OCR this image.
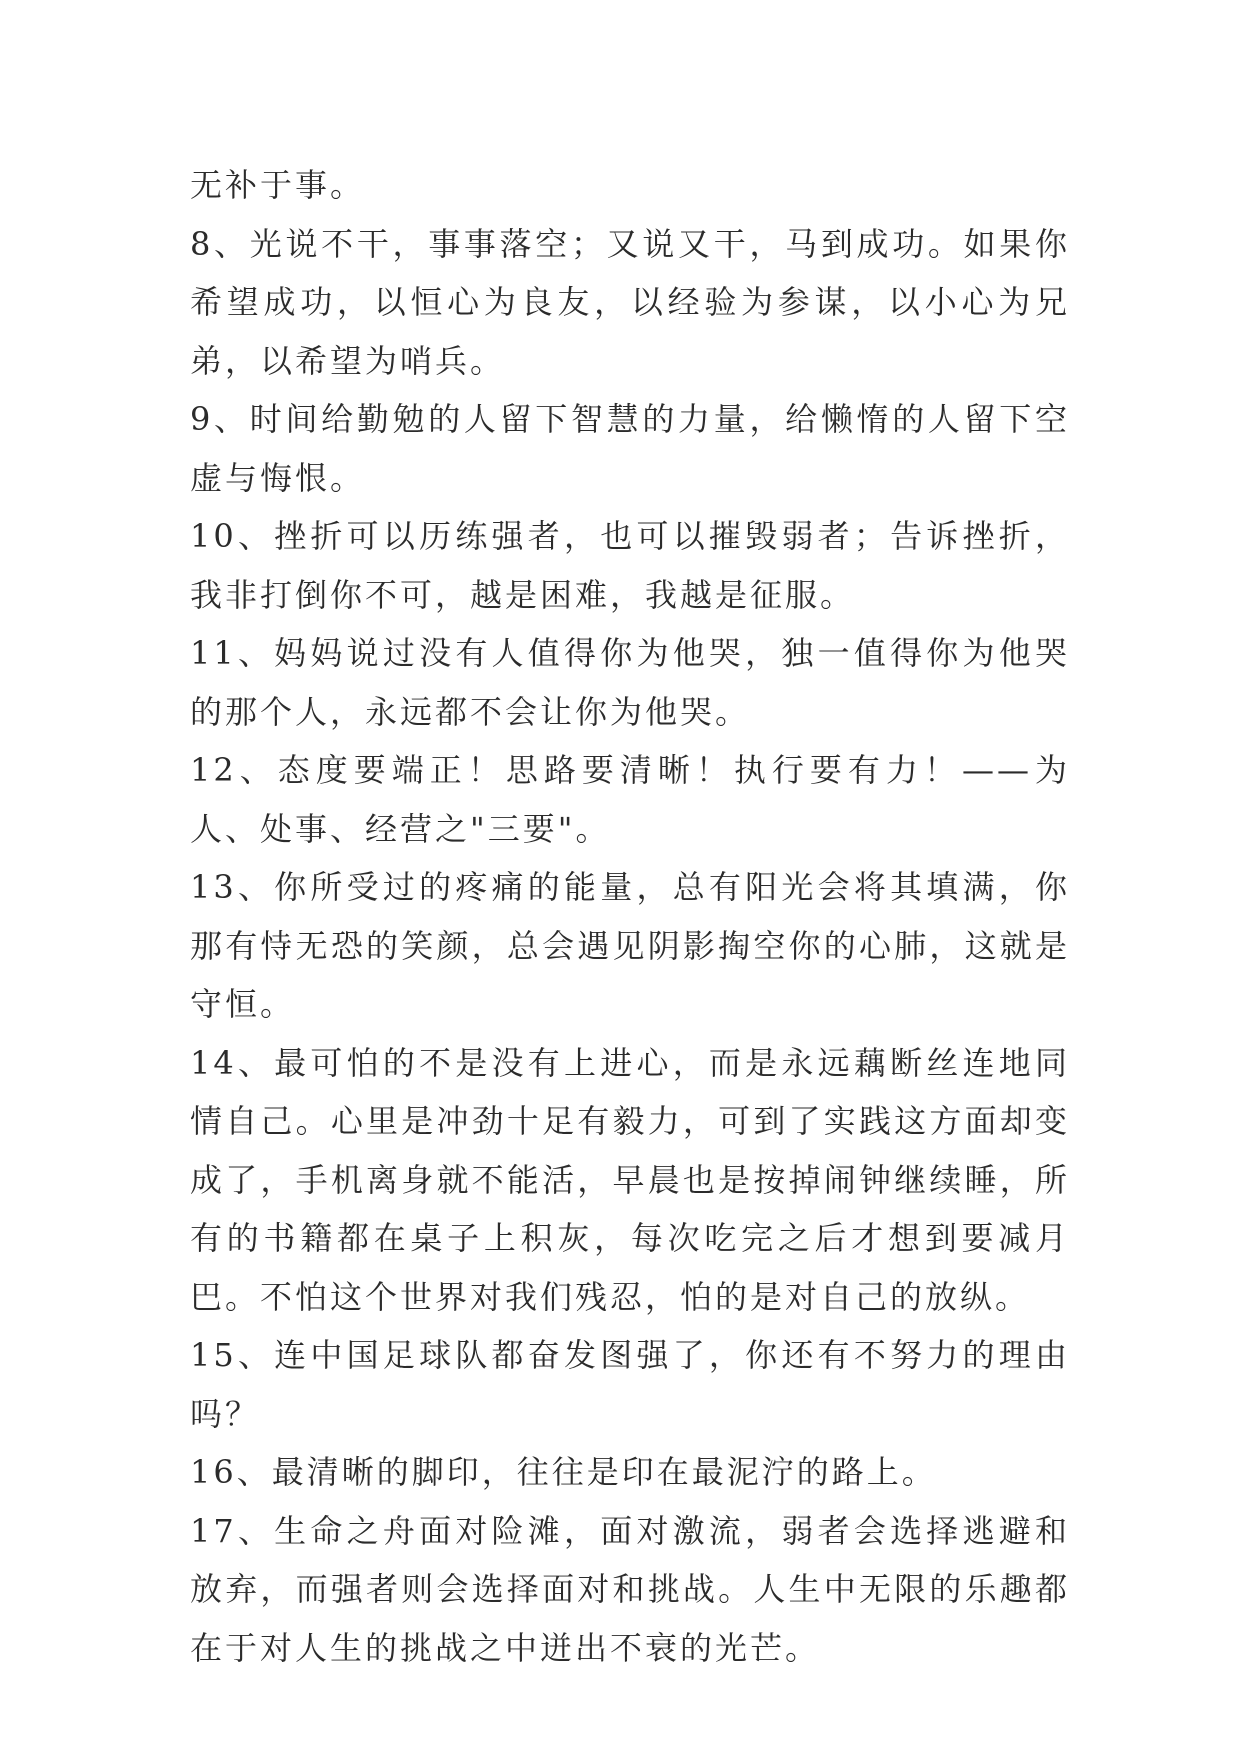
无补于事。

8、光说不干，事事落空；又说又干，马到成功。如果你希望成功，以恒心为良友，以经验为参谋，以小心为兄弟，以希望为哨兵。

9、时间给勤勉的人留下智慧的力量，给懒惰的人留下空虚与悔恨。

10、挫折可以历练强者，也可以摧毁弱者；告诉挫折，我非打倒你不可，越是困难，我越是征服。

11、妈妈说过没有人值得你为他哭，独一值得你为他哭的那个人，永远都不会让你为他哭。

12、态度要端正！思路要清晰！执行要有力！——为人、处事、经营之"三要"。

13、你所受过的疼痛的能量，总有阳光会将其填满，你那有恃无恐的笑颜，总会遇见阴影掏空你的心肺，这就是守恒。

14、最可怕的不是没有上进心，而是永远藕断丝连地同情自己。心里是冲劲十足有毅力，可到了实践这方面却变成了，手机离身就不能活，早晨也是按掉闹钟继续睡，所有的书籍都在桌子上积灰，每次吃完之后才想到要减月巴。不怕这个世界对我们残忍，怕的是对自己的放纵。

15、连中国足球队都奋发图强了，你还有不努力的理由吗？

16、最清晰的脚印，往往是印在最泥泞的路上。

17、生命之舟面对险滩，面对激流，弱者会选择逃避和放弃，而强者则会选择面对和挑战。人生中无限的乐趣都在于对人生的挑战之中迸出不衰的光芒。
